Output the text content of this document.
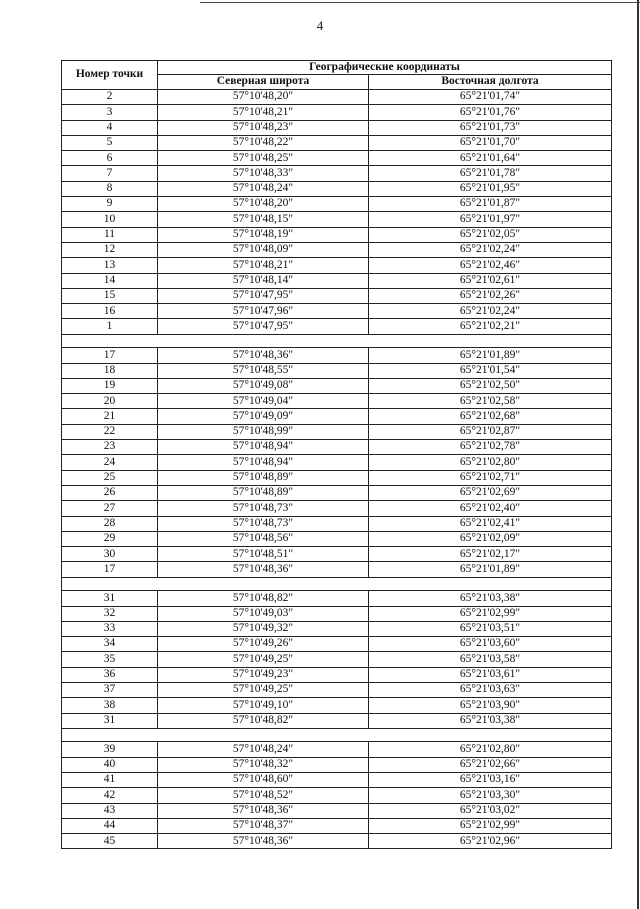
4
Номер точки	Географические координаты	
	Северная широта	Восточная долгота
2	57°10'48,20"	65°21'01,74"
3	57°10'48,21"	65°21'01,76"
4	57°10'48,23"	65°21'01,73"
5	57°10'48,22"	65°21'01,70"
6	57°10'48,25"	65°21'01,64"
7	57°10'48,33"	65°21'01,78"
8	57°10'48,24"	65°21'01,95"
9	57°10'48,20"	65°21'01,87"
10	57°10'48,15"	65°21'01,97"
11	57°10'48,19"	65°21'02,05"
12	57°10'48,09"	65°21'02,24"
13	57°10'48,21"	65°21'02,46"
14	57°10'48,14"	65°21'02,61"
15	57°10'47,95"	65°21'02,26"
16	57°10'47,96"	65°21'02,24"
1	57°10'47,95"	65°21'02,21"

17	57°10'48,36"	65°21'01,89"
18	57°10'48,55"	65°21'01,54"
19	57°10'49,08"	65°21'02,50"
20	57°10'49,04"	65°21'02,58"
21	57°10'49,09"	65°21'02,68"
22	57°10'48,99"	65°21'02,87"
23	57°10'48,94"	65°21'02,78"
24	57°10'48,94"	65°21'02,80"
25	57°10'48,89"	65°21'02,71"
26	57°10'48,89"	65°21'02,69"
27	57°10'48,73"	65°21'02,40"
28	57°10'48,73"	65°21'02,41"
29	57°10'48,56"	65°21'02,09"
30	57°10'48,51"	65°21'02,17"
17	57°10'48,36"	65°21'01,89"

31	57°10'48,82"	65°21'03,38"
32	57°10'49,03"	65°21'02,99"
33	57°10'49,32"	65°21'03,51"
34	57°10'49,26"	65°21'03,60"
35	57°10'49,25"	65°21'03,58"
36	57°10'49,23"	65°21'03,61"
37	57°10'49,25"	65°21'03,63"
38	57°10'49,10"	65°21'03,90"
31	57°10'48,82"	65°21'03,38"

39	57°10'48,24"	65°21'02,80"
40	57°10'48,32"	65°21'02,66"
41	57°10'48,60"	65°21'03,16"
42	57°10'48,52"	65°21'03,30"
43	57°10'48,36"	65°21'03,02"
44	57°10'48,37"	65°21'02,99"
45	57°10'48,36"	65°21'02,96"
